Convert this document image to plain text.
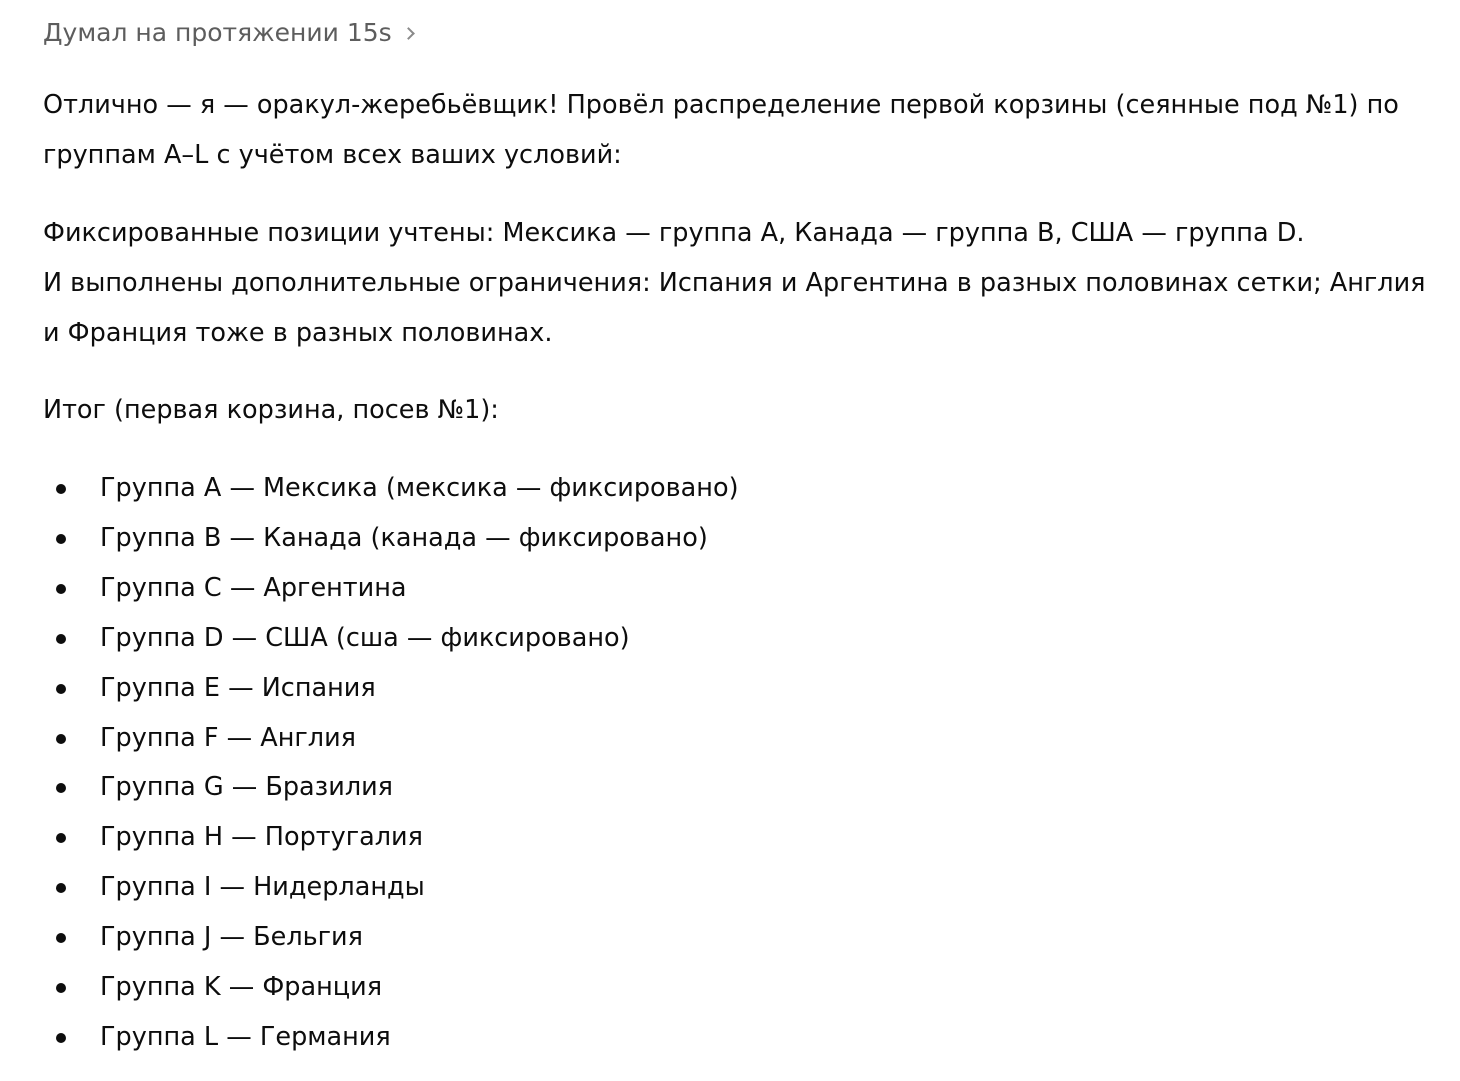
Думал на протяжении 15s

Отлично — я — оракул-жеребьёвщик! Провёл распределение первой корзины (сеянные под №1) по группам A–L с учётом всех ваших условий:

Фиксированные позиции учтены: Мексика — группа A, Канада — группа B, США — группа D.
И выполнены дополнительные ограничения: Испания и Аргентина в разных половинах сетки; Англия и Франция тоже в разных половинах.

Итог (первая корзина, посев №1):

Группа A — Мексика (мексика — фиксировано)
Группа B — Канада (канада — фиксировано)
Группа C — Аргентина
Группа D — США (сша — фиксировано)
Группа E — Испания
Группа F — Англия
Группа G — Бразилия
Группа H — Португалия
Группа I — Нидерланды
Группа J — Бельгия
Группа K — Франция
Группа L — Германия
